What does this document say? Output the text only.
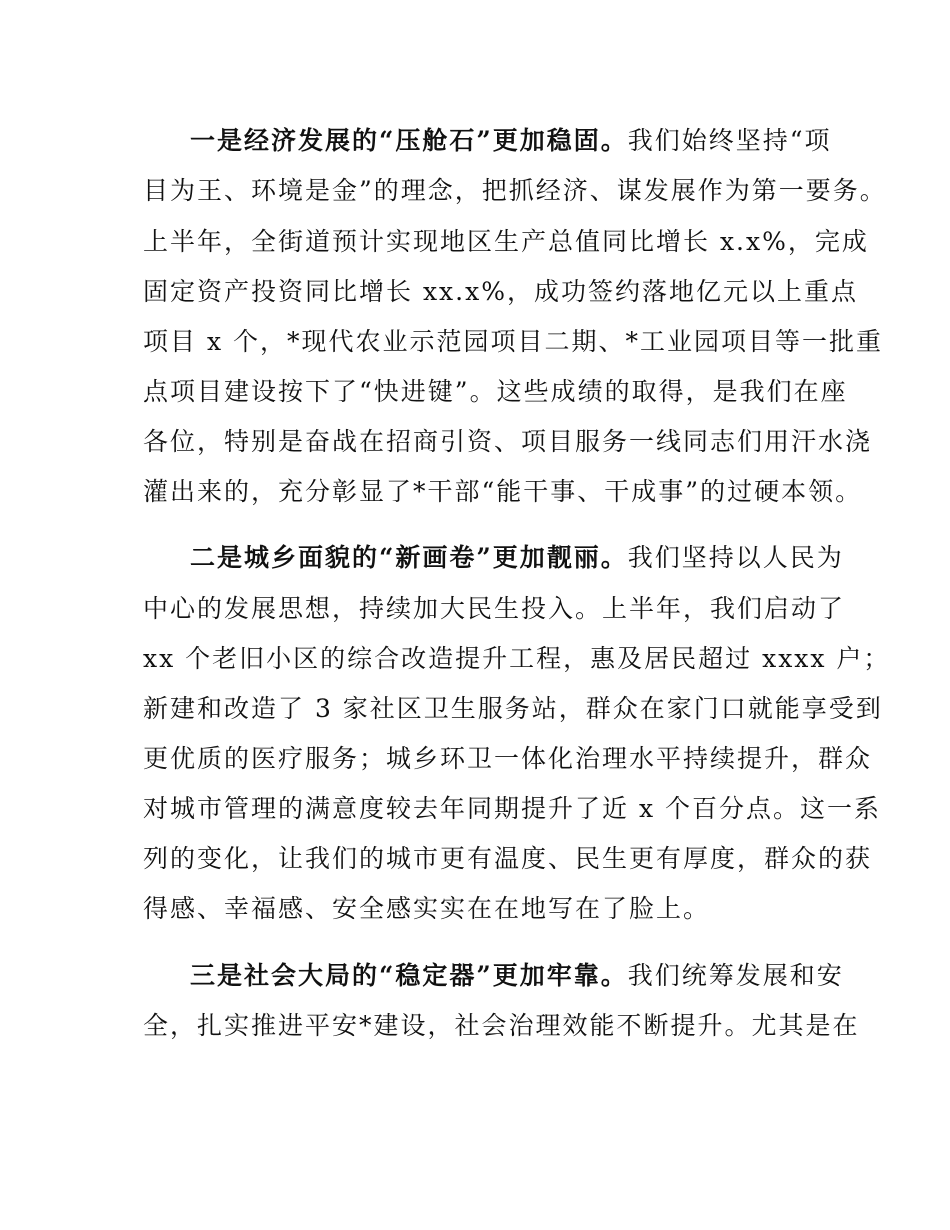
一是经济发展的“压舱石”更加稳固。我们始终坚持“项
目为王、环境是金”的理念，把抓经济、谋发展作为第一要务。
上半年，全街道预计实现地区生产总值同比增长 x.x%，完成
固定资产投资同比增长 xx.x%，成功签约落地亿元以上重点
项目 x 个，*现代农业示范园项目二期、*工业园项目等一批重
点项目建设按下了“快进键”。这些成绩的取得，是我们在座
各位，特别是奋战在招商引资、项目服务一线同志们用汗水浇
灌出来的，充分彰显了*干部“能干事、干成事”的过硬本领。
二是城乡面貌的“新画卷”更加靓丽。我们坚持以人民为
中心的发展思想，持续加大民生投入。上半年，我们启动了
xx 个老旧小区的综合改造提升工程，惠及居民超过 xxxx 户；
新建和改造了 3 家社区卫生服务站，群众在家门口就能享受到
更优质的医疗服务；城乡环卫一体化治理水平持续提升，群众
对城市管理的满意度较去年同期提升了近 x 个百分点。这一系
列的变化，让我们的城市更有温度、民生更有厚度，群众的获
得感、幸福感、安全感实实在在地写在了脸上。
三是社会大局的“稳定器”更加牢靠。我们统筹发展和安
全，扎实推进平安*建设，社会治理效能不断提升。尤其是在
